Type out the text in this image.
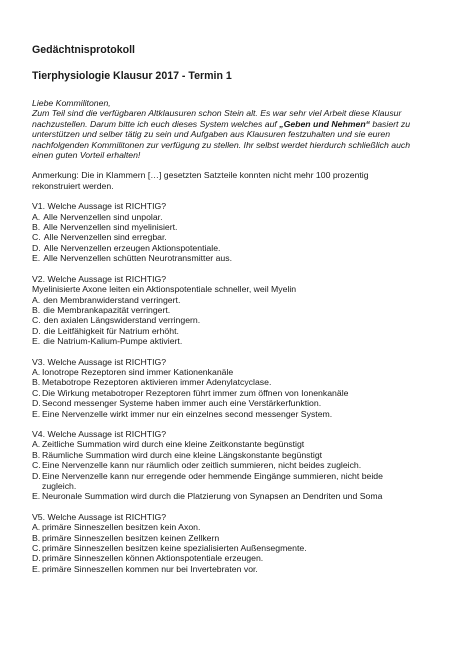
Gedächtnisprotokoll
Tierphysiologie Klausur 2017 - Termin 1

Liebe Kommilitonen,

Zum Teil sind die verfügbaren Altklausuren schon Stein alt. Es war sehr viel Arbeit diese Klausur nachzustellen. Darum bitte ich euch dieses System welches auf „Geben und Nehmen“ basiert zu unterstützen und selber tätig zu sein und Aufgaben aus Klausuren festzuhalten und sie euren nachfolgenden Kommilitonen zur verfügung zu stellen. Ihr selbst werdet hierdurch schließlich auch einen guten Vorteil erhalten!

Anmerkung: Die in Klammern […] gesetzten Satzteile konnten nicht mehr 100 prozentig rekonstruiert werden.

V1. Welche Aussage ist RICHTIG?

A. Alle Nervenzellen sind unpolar.
B. Alle Nervenzellen sind myelinisiert.
C. Alle Nervenzellen sind erregbar.
D. Alle Nervenzellen erzeugen Aktionspotentiale.
E. Alle Nervenzellen schütten Neurotransmitter aus.

V2. Welche Aussage ist RICHTIG?

Myelinisierte Axone leiten ein Aktionspotentiale schneller, weil Myelin

A. den Membranwiderstand verringert.
B. die Membrankapazität verringert.
C. den axialen Längswiderstand verringern.
D. die Leitfähigkeit für Natrium erhöht.
E. die Natrium-Kalium-Pumpe aktiviert.

V3. Welche Aussage ist RICHTIG?

A. Ionotrope Rezeptoren sind immer Kationenkanäle
B. Metabotrope Rezeptoren aktivieren immer Adenylatcyclase.
C. Die Wirkung metabotroper Rezeptoren führt immer zum öffnen von Ionenkanäle
D. Second messenger Systeme haben immer auch eine Verstärkerfunktion.
E. Eine Nervenzelle wirkt immer nur ein einzelnes second messenger System.

V4. Welche Aussage ist RICHTIG?

A. Zeitliche Summation wird durch eine kleine Zeitkonstante begünstigt
B. Räumliche Summation wird durch eine kleine Längskonstante begünstigt
C. Eine Nervenzelle kann nur räumlich oder zeitlich summieren, nicht beides zugleich.
D. Eine Nervenzelle kann nur erregende oder hemmende Eingänge summieren, nicht beide zugleich.
E. Neuronale Summation wird durch die Platzierung von Synapsen an Dendriten und Soma

V5. Welche Aussage ist RICHTIG?

A. primäre Sinneszellen besitzen kein Axon.
B. primäre Sinneszellen besitzen keinen Zellkern
C. primäre Sinneszellen besitzen keine spezialisierten Außensegmente.
D. primäre Sinneszellen können Aktionspotentiale erzeugen.
E. primäre Sinneszellen kommen nur bei Invertebraten vor.
